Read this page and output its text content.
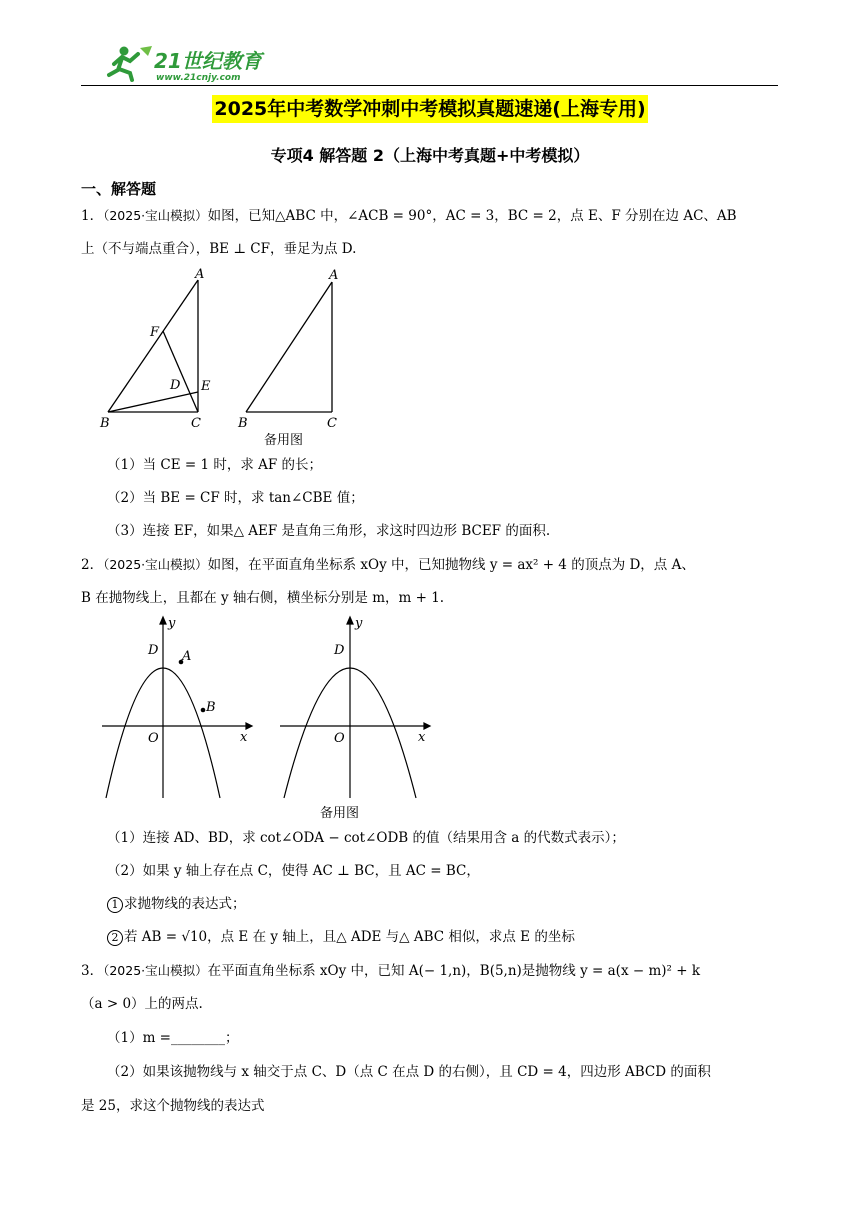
21世纪教育
www.21cnjy.com
2025年中考数学冲刺中考模拟真题速递(上海专用)
专项4 解答题 2（上海中考真题+中考模拟）
一、解答题
1．（2025·宝山模拟）如图，已知△ABC 中，∠ACB = 90°，AC = 3，BC = 2，点 E、F 分别在边 AC、AB
上（不与端点重合），BE ⊥ CF，垂足为点 D.
A
B	C
D E
F
A
B	C
备用图
（1）当 CE = 1 时，求 AF 的长；
（2）当 BE = CF 时，求 tan∠CBE 值；
（3）连接 EF，如果△ AEF 是直角三角形，求这时四边形 BCEF 的面积.
2．（2025·宝山模拟）如图，在平面直角坐标系 xOy 中，已知抛物线 y = ax² + 4 的顶点为 D，点 A、
B 在抛物线上，且都在 y 轴右侧，横坐标分别是 m，m + 1.
y
x
O
D A
B
y
x
O
D
备用图
（1）连接 AD、BD，求 cot∠ODA − cot∠ODB 的值（结果用含 a 的代数式表示）；
（2）如果 y 轴上存在点 C，使得 AC ⊥ BC，且 AC = BC，
1 求抛物线的表达式；
2 若 AB = √10，点 E 在 y 轴上，且△ ADE 与△ ABC 相似，求点 E 的坐标
3．（2025·宝山模拟）在平面直角坐标系 xOy 中，已知 A(− 1,n)，B(5,n)是抛物线 y = a(x − m)² + k
（a > 0）上的两点.
（1）m =________；
（2）如果该抛物线与 x 轴交于点 C、D（点 C 在点 D 的右侧），且 CD = 4，四边形 ABCD 的面积
是 25，求这个抛物线的表达式
